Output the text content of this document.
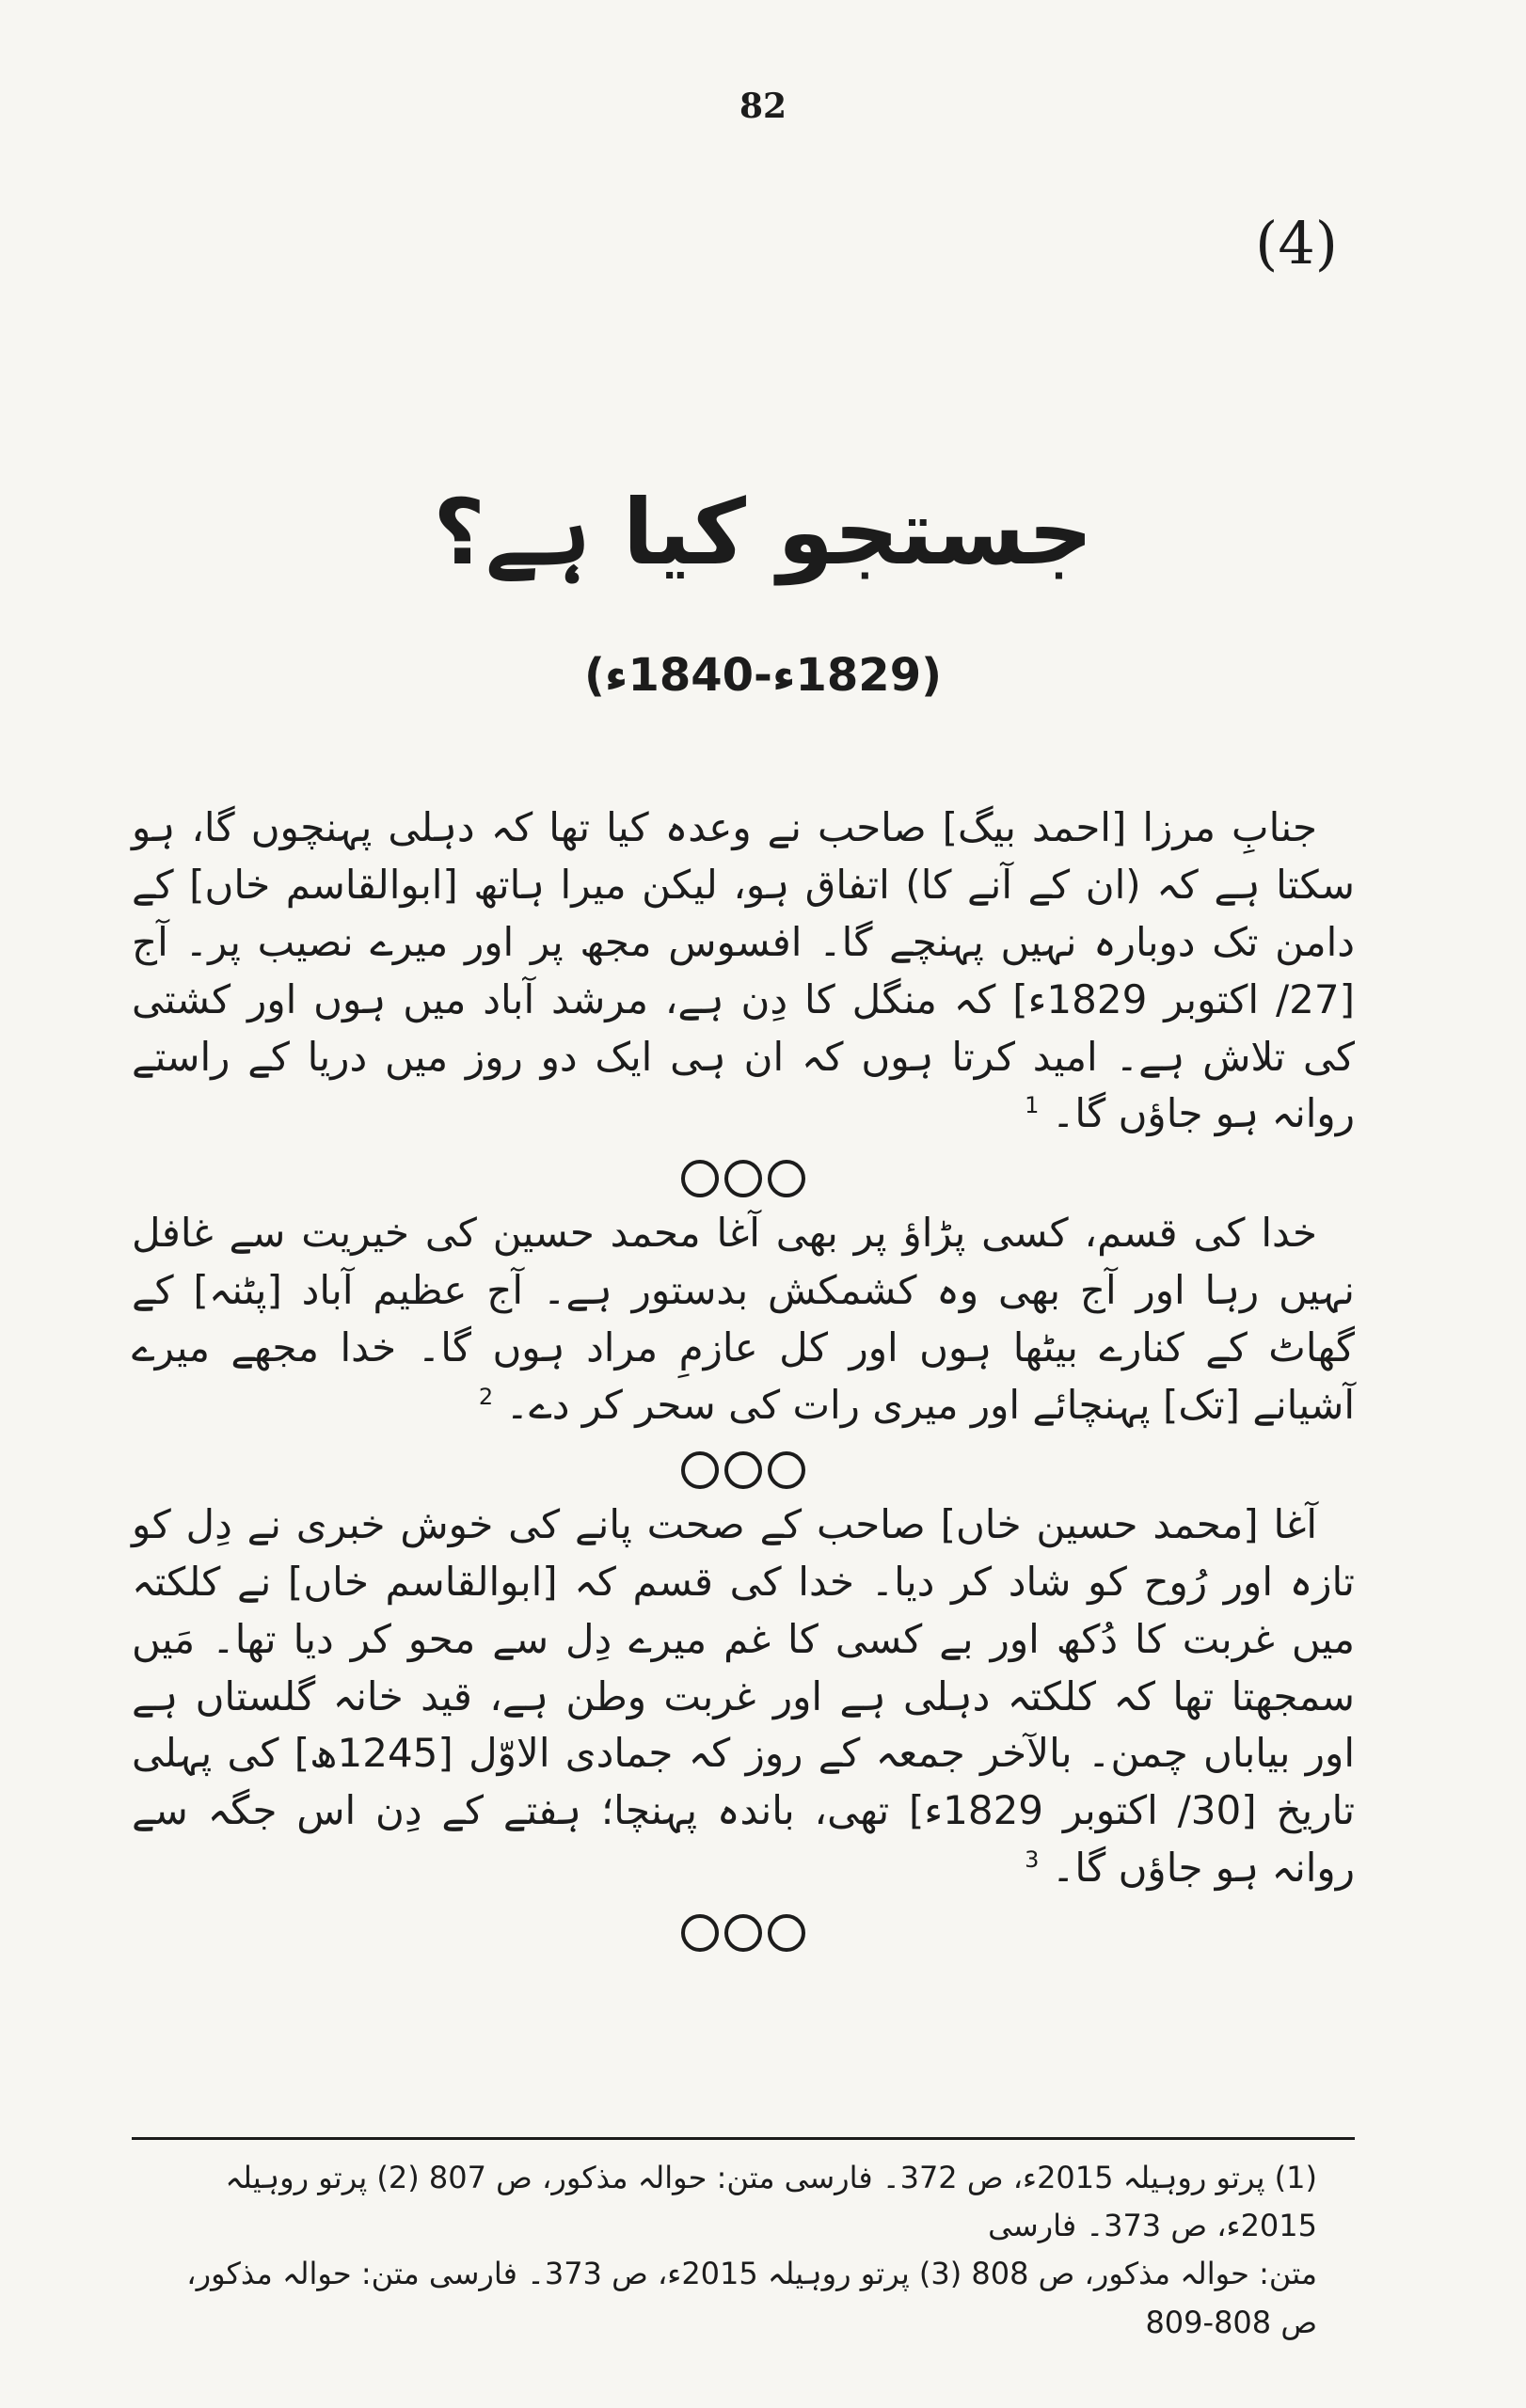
82
(4)
جستجو کیا ہے؟
(1829ء-1840ء)

جنابِ مرزا [احمد بیگ] صاحب نے وعدہ کیا تھا کہ دہلی پہنچوں گا، ہو سکتا ہے کہ (ان کے آنے کا) اتفاق ہو، لیکن میرا ہاتھ [ابوالقاسم خاں] کے دامن تک دوبارہ نہیں پہنچے گا۔ افسوس مجھ پر اور میرے نصیب پر۔ آج [27/ اکتوبر 1829ء] کہ منگل کا دِن ہے، مرشد آباد میں ہوں اور کشتی کی تلاش ہے۔ امید کرتا ہوں کہ ان ہی ایک دو روز میں دریا کے راستے روانہ ہو جاؤں گا۔ $^1$

خدا کی قسم، کسی پڑاؤ پر بھی آغا محمد حسین کی خیریت سے غافل نہیں رہا اور آج بھی وہ کشمکش بدستور ہے۔ آج عظیم آباد [پٹنہ] کے گھاٹ کے کنارے بیٹھا ہوں اور کل عازمِ مراد ہوں گا۔ خدا مجھے میرے آشیانے [تک] پہنچائے اور میری رات کی سحر کر دے۔ $^2$

آغا [محمد حسین خاں] صاحب کے صحت پانے کی خوش خبری نے دِل کو تازہ اور رُوح کو شاد کر دیا۔ خدا کی قسم کہ [ابوالقاسم خاں] نے کلکتہ میں غربت کا دُکھ اور بے کسی کا غم میرے دِل سے محو کر دیا تھا۔ مَیں سمجھتا تھا کہ کلکتہ دہلی ہے اور غربت وطن ہے، قید خانہ گلستاں ہے اور بیاباں چمن۔ بالآخر جمعہ کے روز کہ جمادی الاوّل [1245ھ] کی پہلی تاریخ [30/ اکتوبر 1829ء] تھی، باندہ پہنچا؛ ہفتے کے دِن اس جگہ سے روانہ ہو جاؤں گا۔ $^3$

(1) پرتو روہیلہ 2015ء، ص 372۔ فارسی متن: حوالہ مذکور، ص 807 (2) پرتو روہیلہ 2015ء، ص 373۔ فارسی

متن: حوالہ مذکور، ص 808 (3) پرتو روہیلہ 2015ء، ص 373۔ فارسی متن: حوالہ مذکور، ص 808-809
